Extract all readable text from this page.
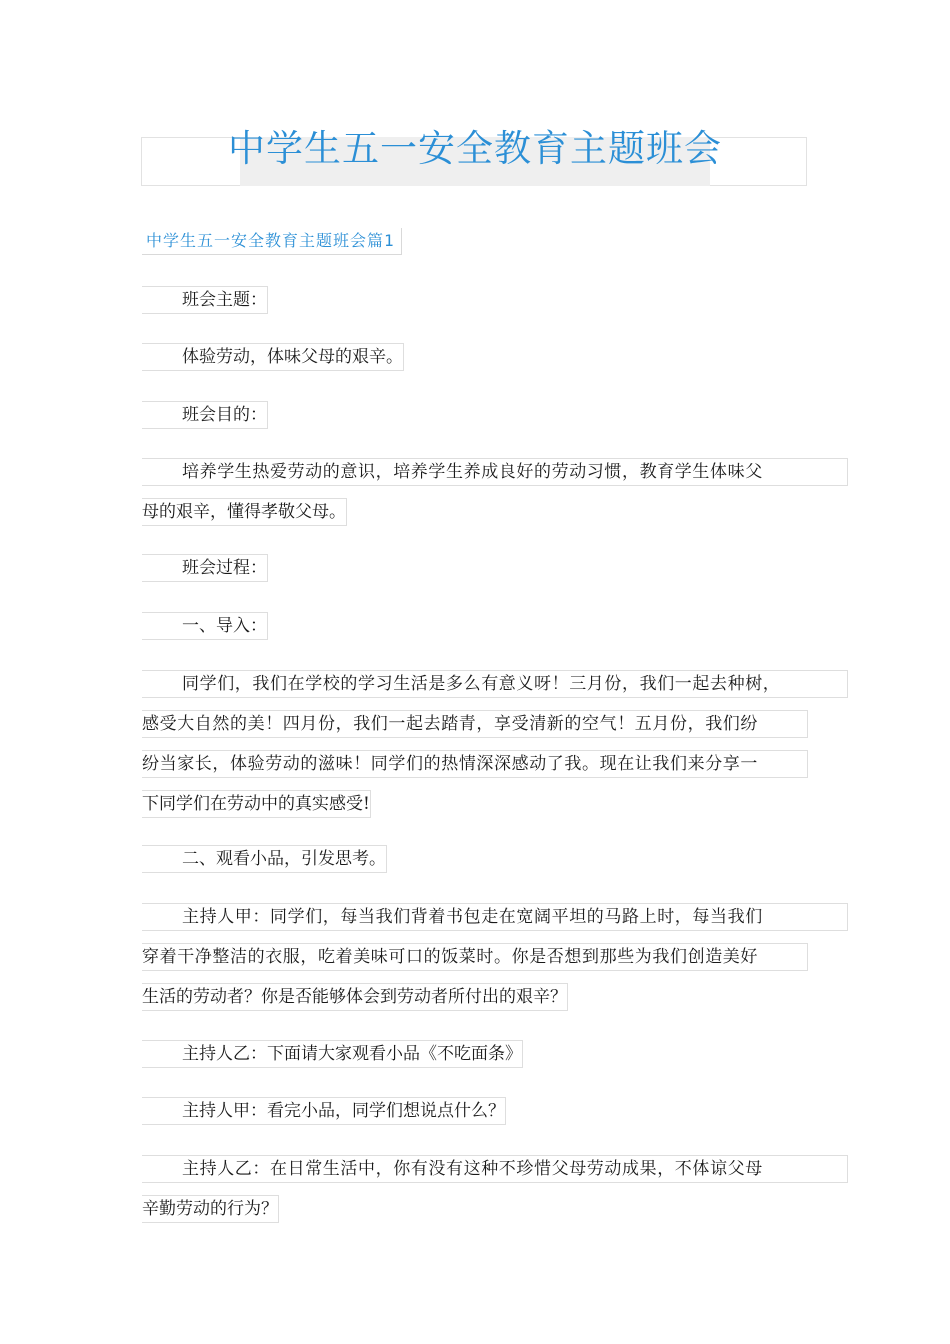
中学生五一安全教育主题班会
中学生五一安全教育主题班会篇1
班会主题：
体验劳动，体味父母的艰辛。
班会目的：
培养学生热爱劳动的意识，培养学生养成良好的劳动习惯，教育学生体味父
母的艰辛，懂得孝敬父母。
班会过程：
一、导入：
同学们，我们在学校的学习生活是多么有意义呀！三月份，我们一起去种树，
感受大自然的美！四月份，我们一起去踏青，享受清新的空气！五月份，我们纷
纷当家长，体验劳动的滋味！同学们的热情深深感动了我。现在让我们来分享一
下同学们在劳动中的真实感受!
二、观看小品，引发思考。
主持人甲：同学们，每当我们背着书包走在宽阔平坦的马路上时，每当我们
穿着干净整洁的衣服，吃着美味可口的饭菜时。你是否想到那些为我们创造美好
生活的劳动者？你是否能够体会到劳动者所付出的艰辛？
主持人乙：下面请大家观看小品《不吃面条》
主持人甲：看完小品，同学们想说点什么？
主持人乙：在日常生活中，你有没有这种不珍惜父母劳动成果，不体谅父母
辛勤劳动的行为？
